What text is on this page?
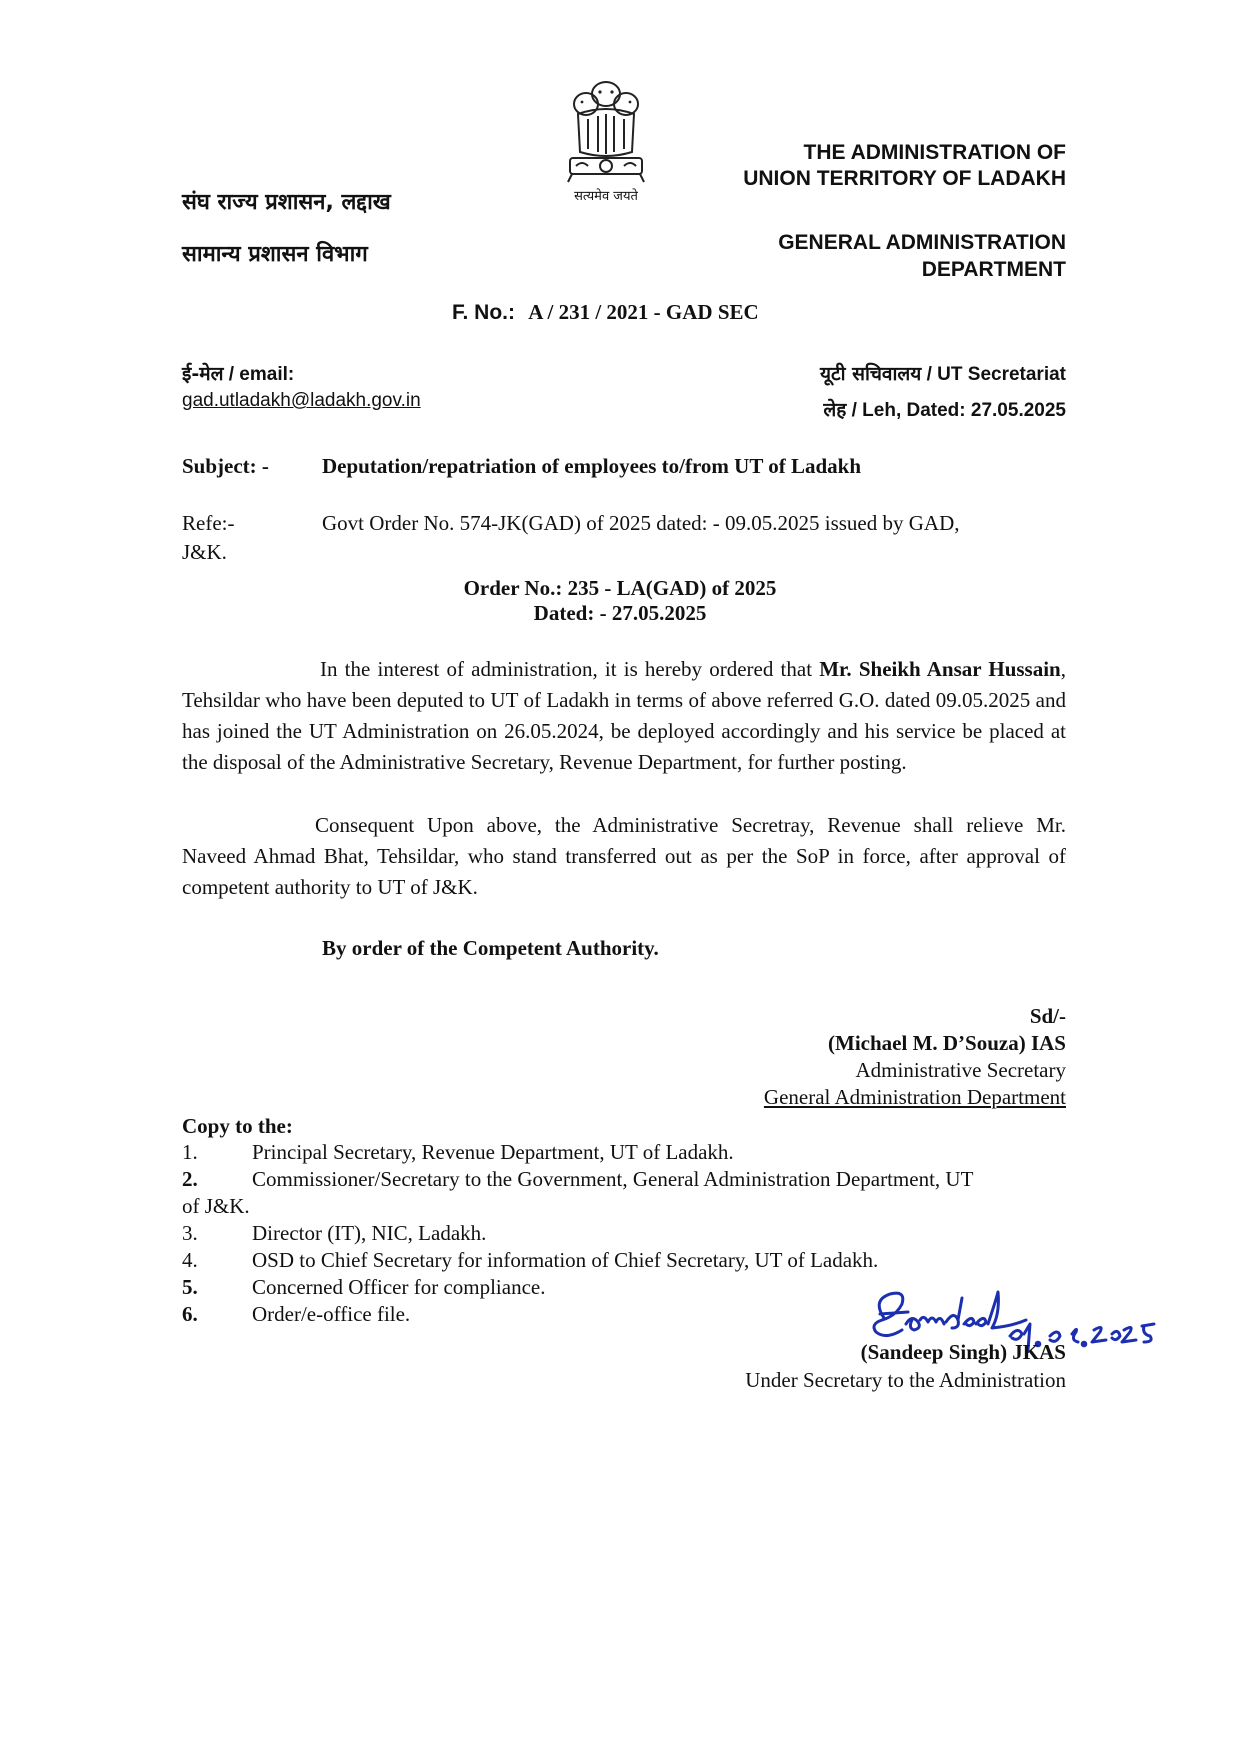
सत्यमेव जयते
संघ राज्य प्रशासन, लद्दाख
सामान्य प्रशासन विभाग
THE ADMINISTRATION OF
UNION TERRITORY OF LADAKH
GENERAL ADMINISTRATION
DEPARTMENT
F. No.: A / 231 / 2021 - GAD SEC
ई-मेल / email:
gad.utladakh@ladakh.gov.in
यूटी सचिवालय / UT Secretariat
लेह / Leh, Dated: 27.05.2025
Subject: -	Deputation/repatriation of employees to/from UT of Ladakh
Refe:-	Govt Order No. 574-JK(GAD) of 2025 dated: - 09.05.2025 issued by GAD,
J&K.
Order No.: 235 - LA(GAD) of 2025
Dated: - 27.05.2025
In the interest of administration, it is hereby ordered that Mr. Sheikh Ansar Hussain, Tehsildar who have been deputed to UT of Ladakh in terms of above referred G.O. dated 09.05.2025 and has joined the UT Administration on 26.05.2024, be deployed accordingly and his service be placed at the disposal of the Administrative Secretary, Revenue Department, for further posting.
Consequent Upon above, the Administrative Secretray, Revenue shall relieve Mr. Naveed Ahmad Bhat, Tehsildar, who stand transferred out as per the SoP in force, after approval of competent authority to UT of J&K.
By order of the Competent Authority.
Sd/-
(Michael M. D’Souza) IAS
Administrative Secretary
General Administration Department
Copy to the:
1.	Principal Secretary, Revenue Department, UT of Ladakh.
2.	Commissioner/Secretary to the Government, General Administration Department, UT
of J&K.
3.	Director (IT), NIC, Ladakh.
4.	OSD to Chief Secretary for information of Chief Secretary, UT of Ladakh.
5.	Concerned Officer for compliance.
6.	Order/e-office file.
(Sandeep Singh) JKAS
Under Secretary to the Administration
